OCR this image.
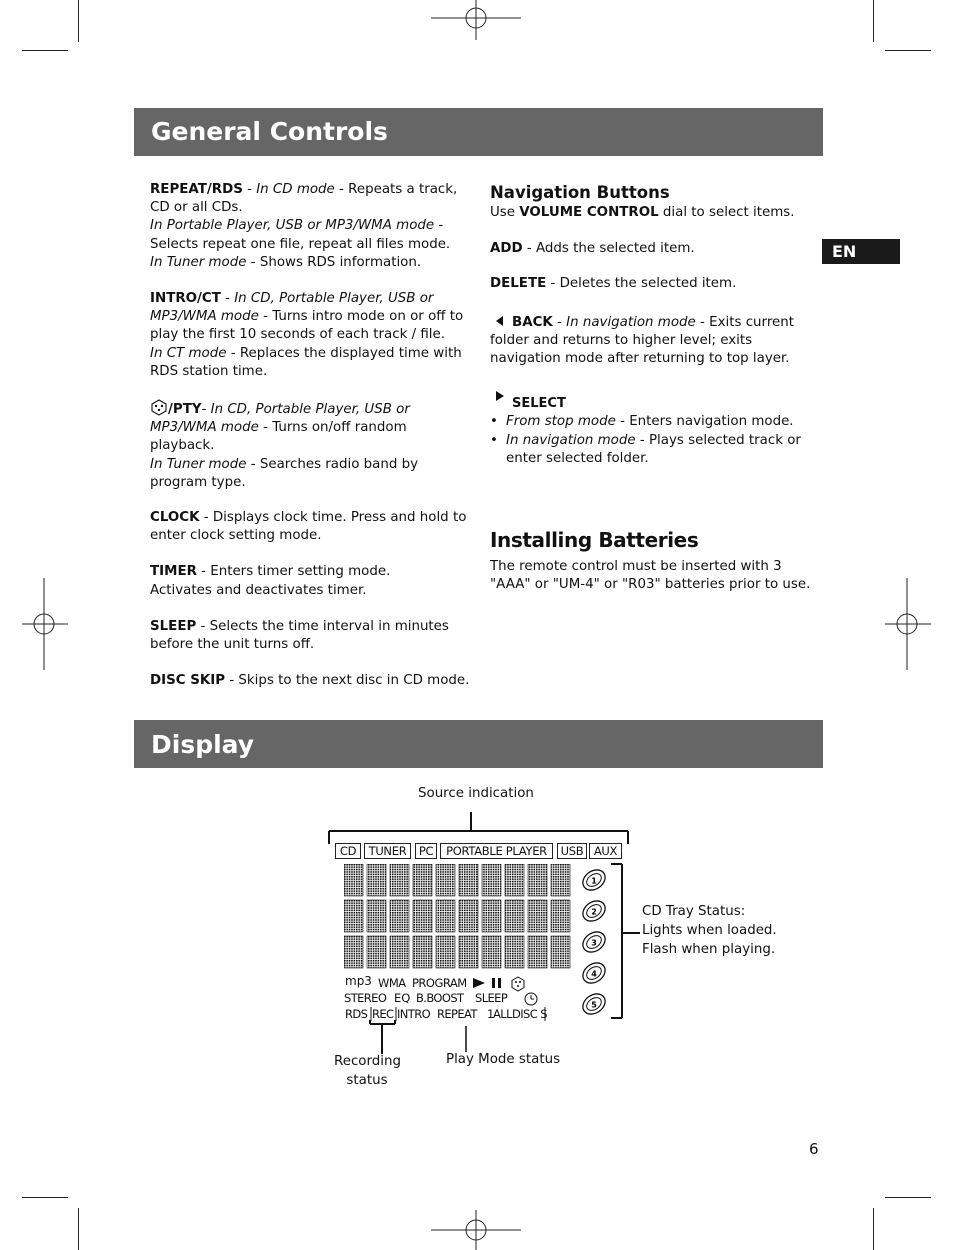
General Controls

REPEAT/RDS - In CD mode - Repeats a track, CD or all CDs.

In Portable Player, USB or MP3/WMA mode - Selects repeat one file, repeat all files mode.

In Tuner mode - Shows RDS information.

INTRO/CT - In CD, Portable Player, USB or MP3/WMA mode - Turns intro mode on or off to play the first 10 seconds of each track / file.

In CT mode - Replaces the displayed time with RDS station time.

/PTY- In CD, Portable Player, USB or MP3/WMA mode - Turns on/off random playback.

In Tuner mode - Searches radio band by program type.

CLOCK - Displays clock time. Press and hold to enter clock setting mode.

TIMER - Enters timer setting mode.

Activates and deactivates timer.

SLEEP - Selects the time interval in minutes before the unit turns off.

DISC SKIP - Skips to the next disc in CD mode.

Navigation Buttons

Use VOLUME CONTROL dial to select items.

ADD - Adds the selected item.

DELETE - Deletes the selected item.

BACK - In navigation mode - Exits current folder and returns to higher level; exits navigation mode after returning to top layer.

SELECT

• From stop mode - Enters navigation mode.
• In navigation mode - Plays selected track or enter selected folder.
Installing Batteries
The remote control must be inserted with 3 "AAA" or "UM-4" or "R03" batteries prior to use.
EN
Display
Source indication
CD	TUNER	PC	PORTABLE PLAYER	USB AUX
1
2
3
4
5
mp3 WMA PROGRAM
STEREO EQ B.BOOST SLEEP
RDS REC INTRO REPEAT 1
ALL DISC S
CD Tray Status:
Lights when loaded.
Flash when playing.
Recording
status
Play Mode status
6
